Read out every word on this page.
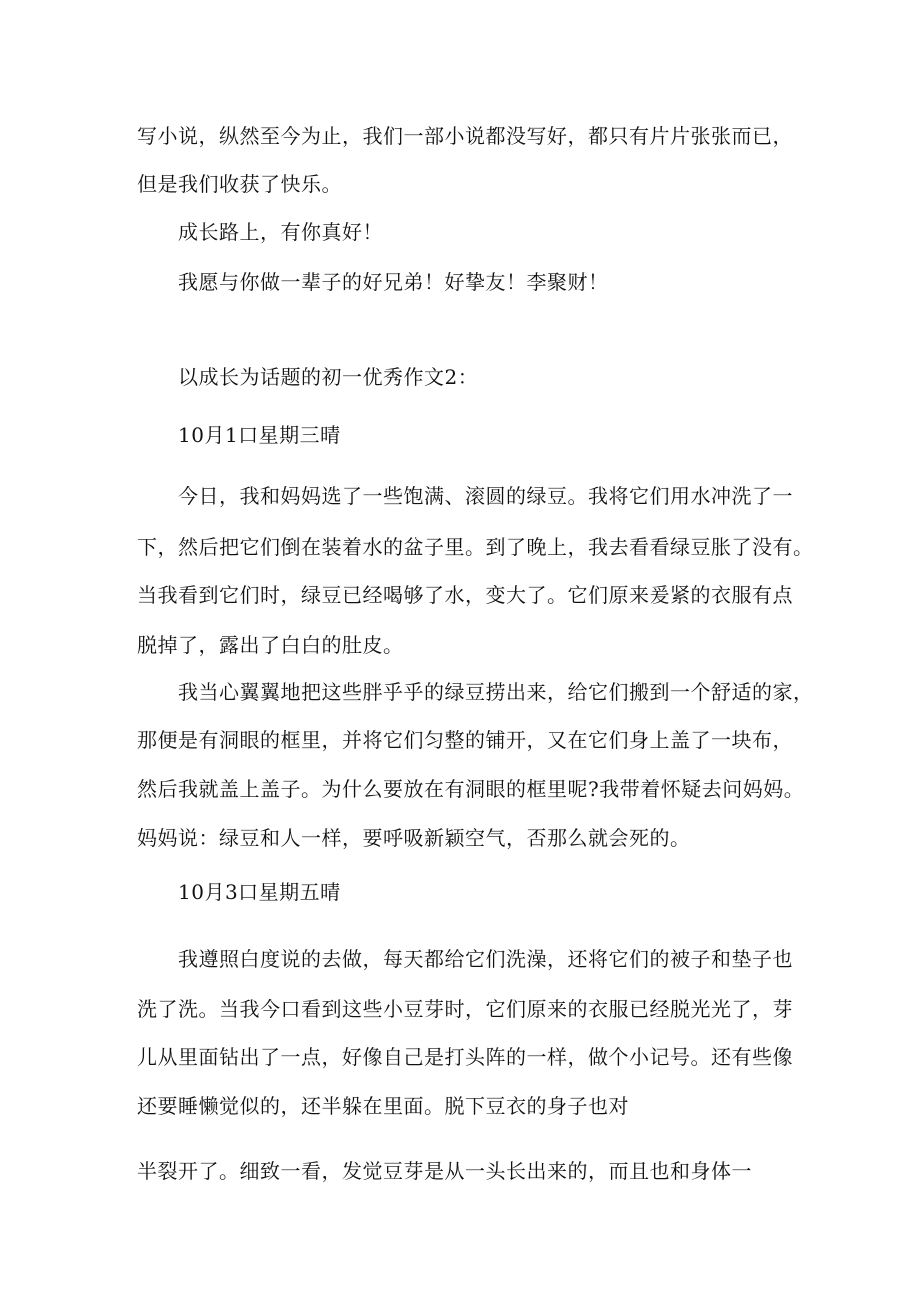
写小说，纵然至今为止，我们一部小说都没写好，都只有片片张张而已，
但是我们收获了快乐。
成长路上，有你真好！
我愿与你做一辈子的好兄弟！好挚友！李聚财！
以成长为话题的初一优秀作文2：
10月1口星期三晴
今日，我和妈妈选了一些饱满、滚圆的绿豆。我将它们用水冲洗了一
下，然后把它们倒在装着水的盆子里。到了晚上，我去看看绿豆胀了没有。
当我看到它们时，绿豆已经喝够了水，变大了。它们原来爰紧的衣服有点
脱掉了，露出了白白的肚皮。
我当心翼翼地把这些胖乎乎的绿豆捞出来，给它们搬到一个舒适的家，
那便是有洞眼的框里，并将它们匀整的铺开，又在它们身上盖了一块布，
然后我就盖上盖子。为什么要放在有洞眼的框里呢?我带着怀疑去问妈妈。
妈妈说：绿豆和人一样，要呼吸新颖空气，否那么就会死的。
10月3口星期五晴
我遵照白度说的去做，每天都给它们洗澡，还将它们的被子和垫子也
洗了洗。当我今口看到这些小豆芽时，它们原来的衣服已经脱光光了，芽
儿从里面钻出了一点，好像自己是打头阵的一样，做个小记号。还有些像
还要睡懒觉似的，还半躲在里面。脱下豆衣的身子也对
半裂开了。细致一看，发觉豆芽是从一头长出来的，而且也和身体一
